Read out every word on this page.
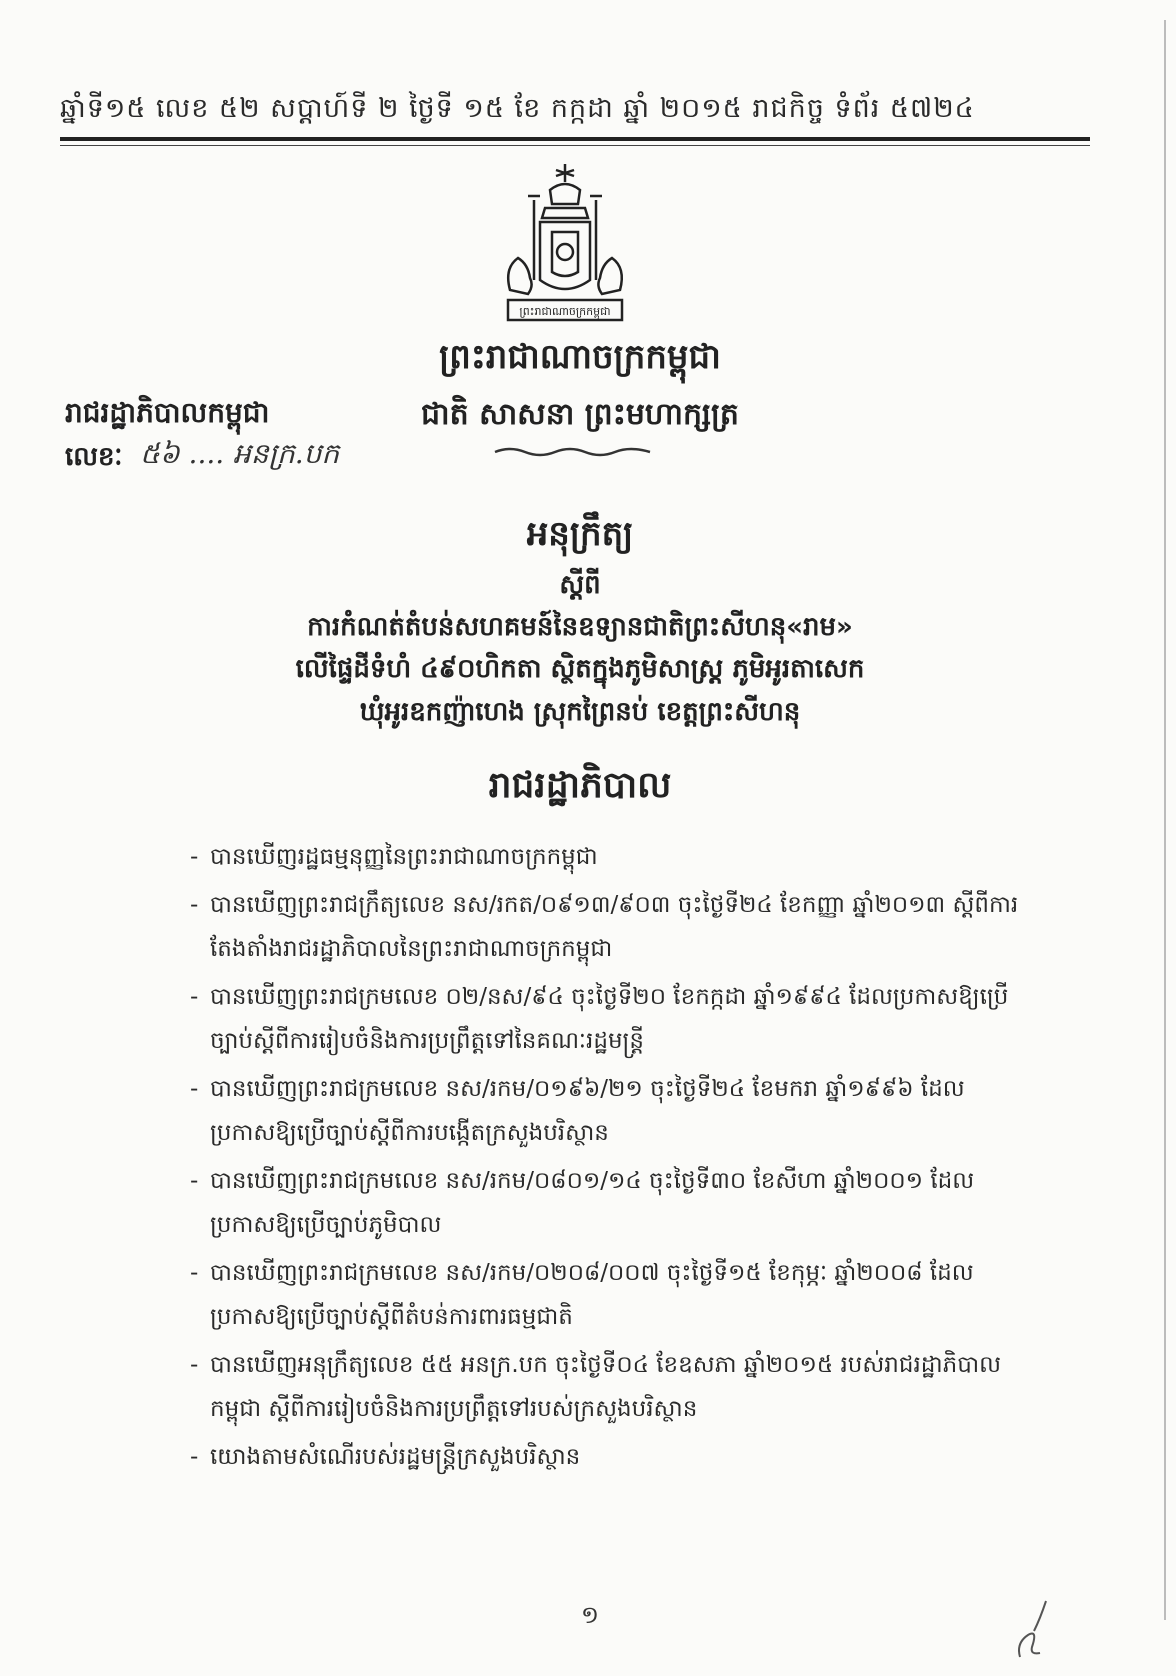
ឆ្នាំទី១៥ លេខ ៥២ សប្តាហ៍ទី ២ ថ្ងៃទី ១៥ ខែ កក្កដា ឆ្នាំ ២០១៥ រាជកិច្ច ទំព័រ ៥៧២៤
ព្រះរាជាណាចក្រកម្ពុជា
ព្រះរាជាណាចក្រកម្ពុជា
រាជរដ្ឋាភិបាលកម្ពុជា	ជាតិ សាសនា ព្រះមហាក្សត្រ
លេខៈ ៥៦ .... អនក្រ.បក
អនុក្រឹត្យ
ស្តីពី
ការកំណត់តំបន់សហគមន៍នៃឧទ្យានជាតិព្រះសីហនុ«រាម»
លើផ្ទៃដីទំហំ ៤៩០ហិកតា ស្ថិតក្នុងភូមិសាស្ត្រ ភូមិអូរតាសេក
ឃុំអូរឧកញ៉ាហេង ស្រុកព្រៃនប់ ខេត្តព្រះសីហនុ
រាជរដ្ឋាភិបាល
- បានឃើញរដ្ឋធម្មនុញ្ញនៃព្រះរាជាណាចក្រកម្ពុជា
- បានឃើញព្រះរាជក្រឹត្យលេខ នស/រកត/០៩១៣/៩០៣ ចុះថ្ងៃទី២៤ ខែកញ្ញា ឆ្នាំ២០១៣ ស្តីពីការតែងតាំងរាជរដ្ឋាភិបាលនៃព្រះរាជាណាចក្រកម្ពុជា
- បានឃើញព្រះរាជក្រមលេខ ០២/នស/៩៤ ចុះថ្ងៃទី២០ ខែកក្កដា ឆ្នាំ១៩៩៤ ដែលប្រកាសឱ្យប្រើច្បាប់ស្តីពីការរៀបចំនិងការប្រព្រឹត្តទៅនៃគណៈរដ្ឋមន្ត្រី
- បានឃើញព្រះរាជក្រមលេខ នស/រកម/០១៩៦/២១ ចុះថ្ងៃទី២៤ ខែមករា ឆ្នាំ១៩៩៦ ដែលប្រកាសឱ្យប្រើច្បាប់ស្តីពីការបង្កើតក្រសួងបរិស្ថាន
- បានឃើញព្រះរាជក្រមលេខ នស/រកម/០៨០១/១៤ ចុះថ្ងៃទី៣០ ខែសីហា ឆ្នាំ២០០១ ដែលប្រកាសឱ្យប្រើច្បាប់ភូមិបាល
- បានឃើញព្រះរាជក្រមលេខ នស/រកម/០២០៨/០០៧ ចុះថ្ងៃទី១៥ ខែកុម្ភៈ ឆ្នាំ២០០៨ ដែលប្រកាសឱ្យប្រើច្បាប់ស្តីពីតំបន់ការពារធម្មជាតិ
- បានឃើញអនុក្រឹត្យលេខ ៥៥ អនក្រ.បក ចុះថ្ងៃទី០៤ ខែឧសភា ឆ្នាំ២០១៥ របស់រាជរដ្ឋាភិបាលកម្ពុជា ស្តីពីការរៀបចំនិងការប្រព្រឹត្តទៅរបស់ក្រសួងបរិស្ថាន
- យោងតាមសំណើរបស់រដ្ឋមន្ត្រីក្រសួងបរិស្ថាន
១
